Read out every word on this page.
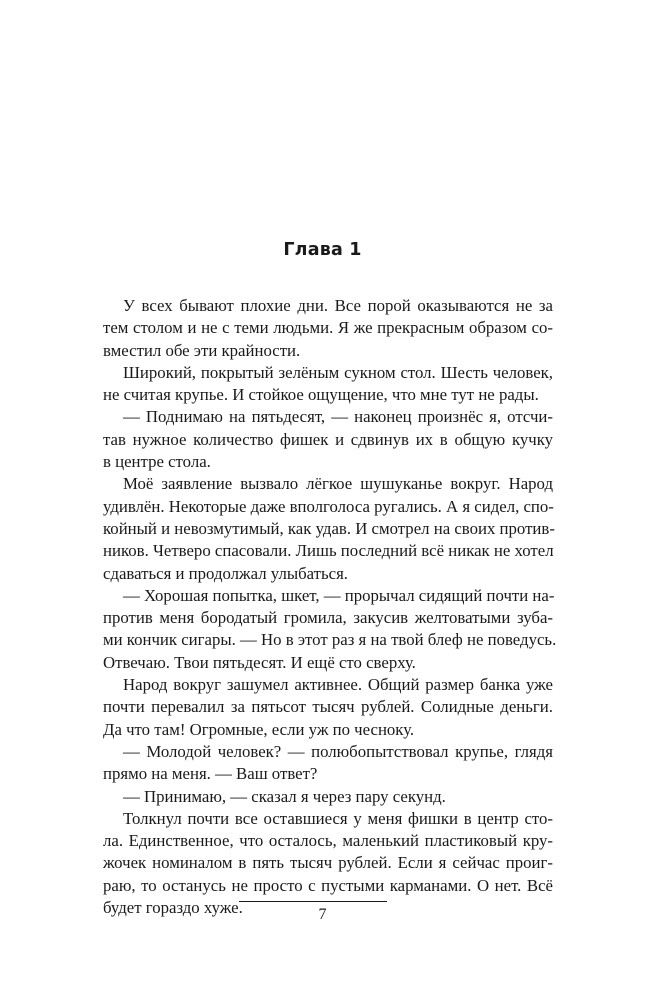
Глава 1
У всех бывают плохие дни. Все порой оказываются не за
тем столом и не с теми людьми. Я же прекрасным образом со-
вместил обе эти крайности.
Широкий, покрытый зелёным сукном стол. Шесть человек,
не считая крупье. И стойкое ощущение, что мне тут не рады.
— Поднимаю на пятьдесят, — наконец произнёс я, отсчи-
тав нужное количество фишек и сдвинув их в общую кучку
в центре стола.
Моё заявление вызвало лёгкое шушуканье вокруг. Народ
удивлён. Некоторые даже вполголоса ругались. А я сидел, спо-
койный и невозмутимый, как удав. И смотрел на своих против-
ников. Четверо спасовали. Лишь последний всё никак не хотел
сдаваться и продолжал улыбаться.
— Хорошая попытка, шкет, — прорычал сидящий почти на-
против меня бородатый громила, закусив желтоватыми зуба-
ми кончик сигары. — Но в этот раз я на твой блеф не поведусь.
Отвечаю. Твои пятьдесят. И ещё сто сверху.
Народ вокруг зашумел активнее. Общий размер банка уже
почти перевалил за пятьсот тысяч рублей. Солидные деньги.
Да что там! Огромные, если уж по чесноку.
— Молодой человек? — полюбопытствовал крупье, глядя
прямо на меня. — Ваш ответ?
— Принимаю, — сказал я через пару секунд.
Толкнул почти все оставшиеся у меня фишки в центр сто-
ла. Единственное, что осталось, маленький пластиковый кру-
жочек номиналом в пять тысяч рублей. Если я сейчас проиг-
раю, то останусь не просто с пустыми карманами. О нет. Всё
будет гораздо хуже.	7
